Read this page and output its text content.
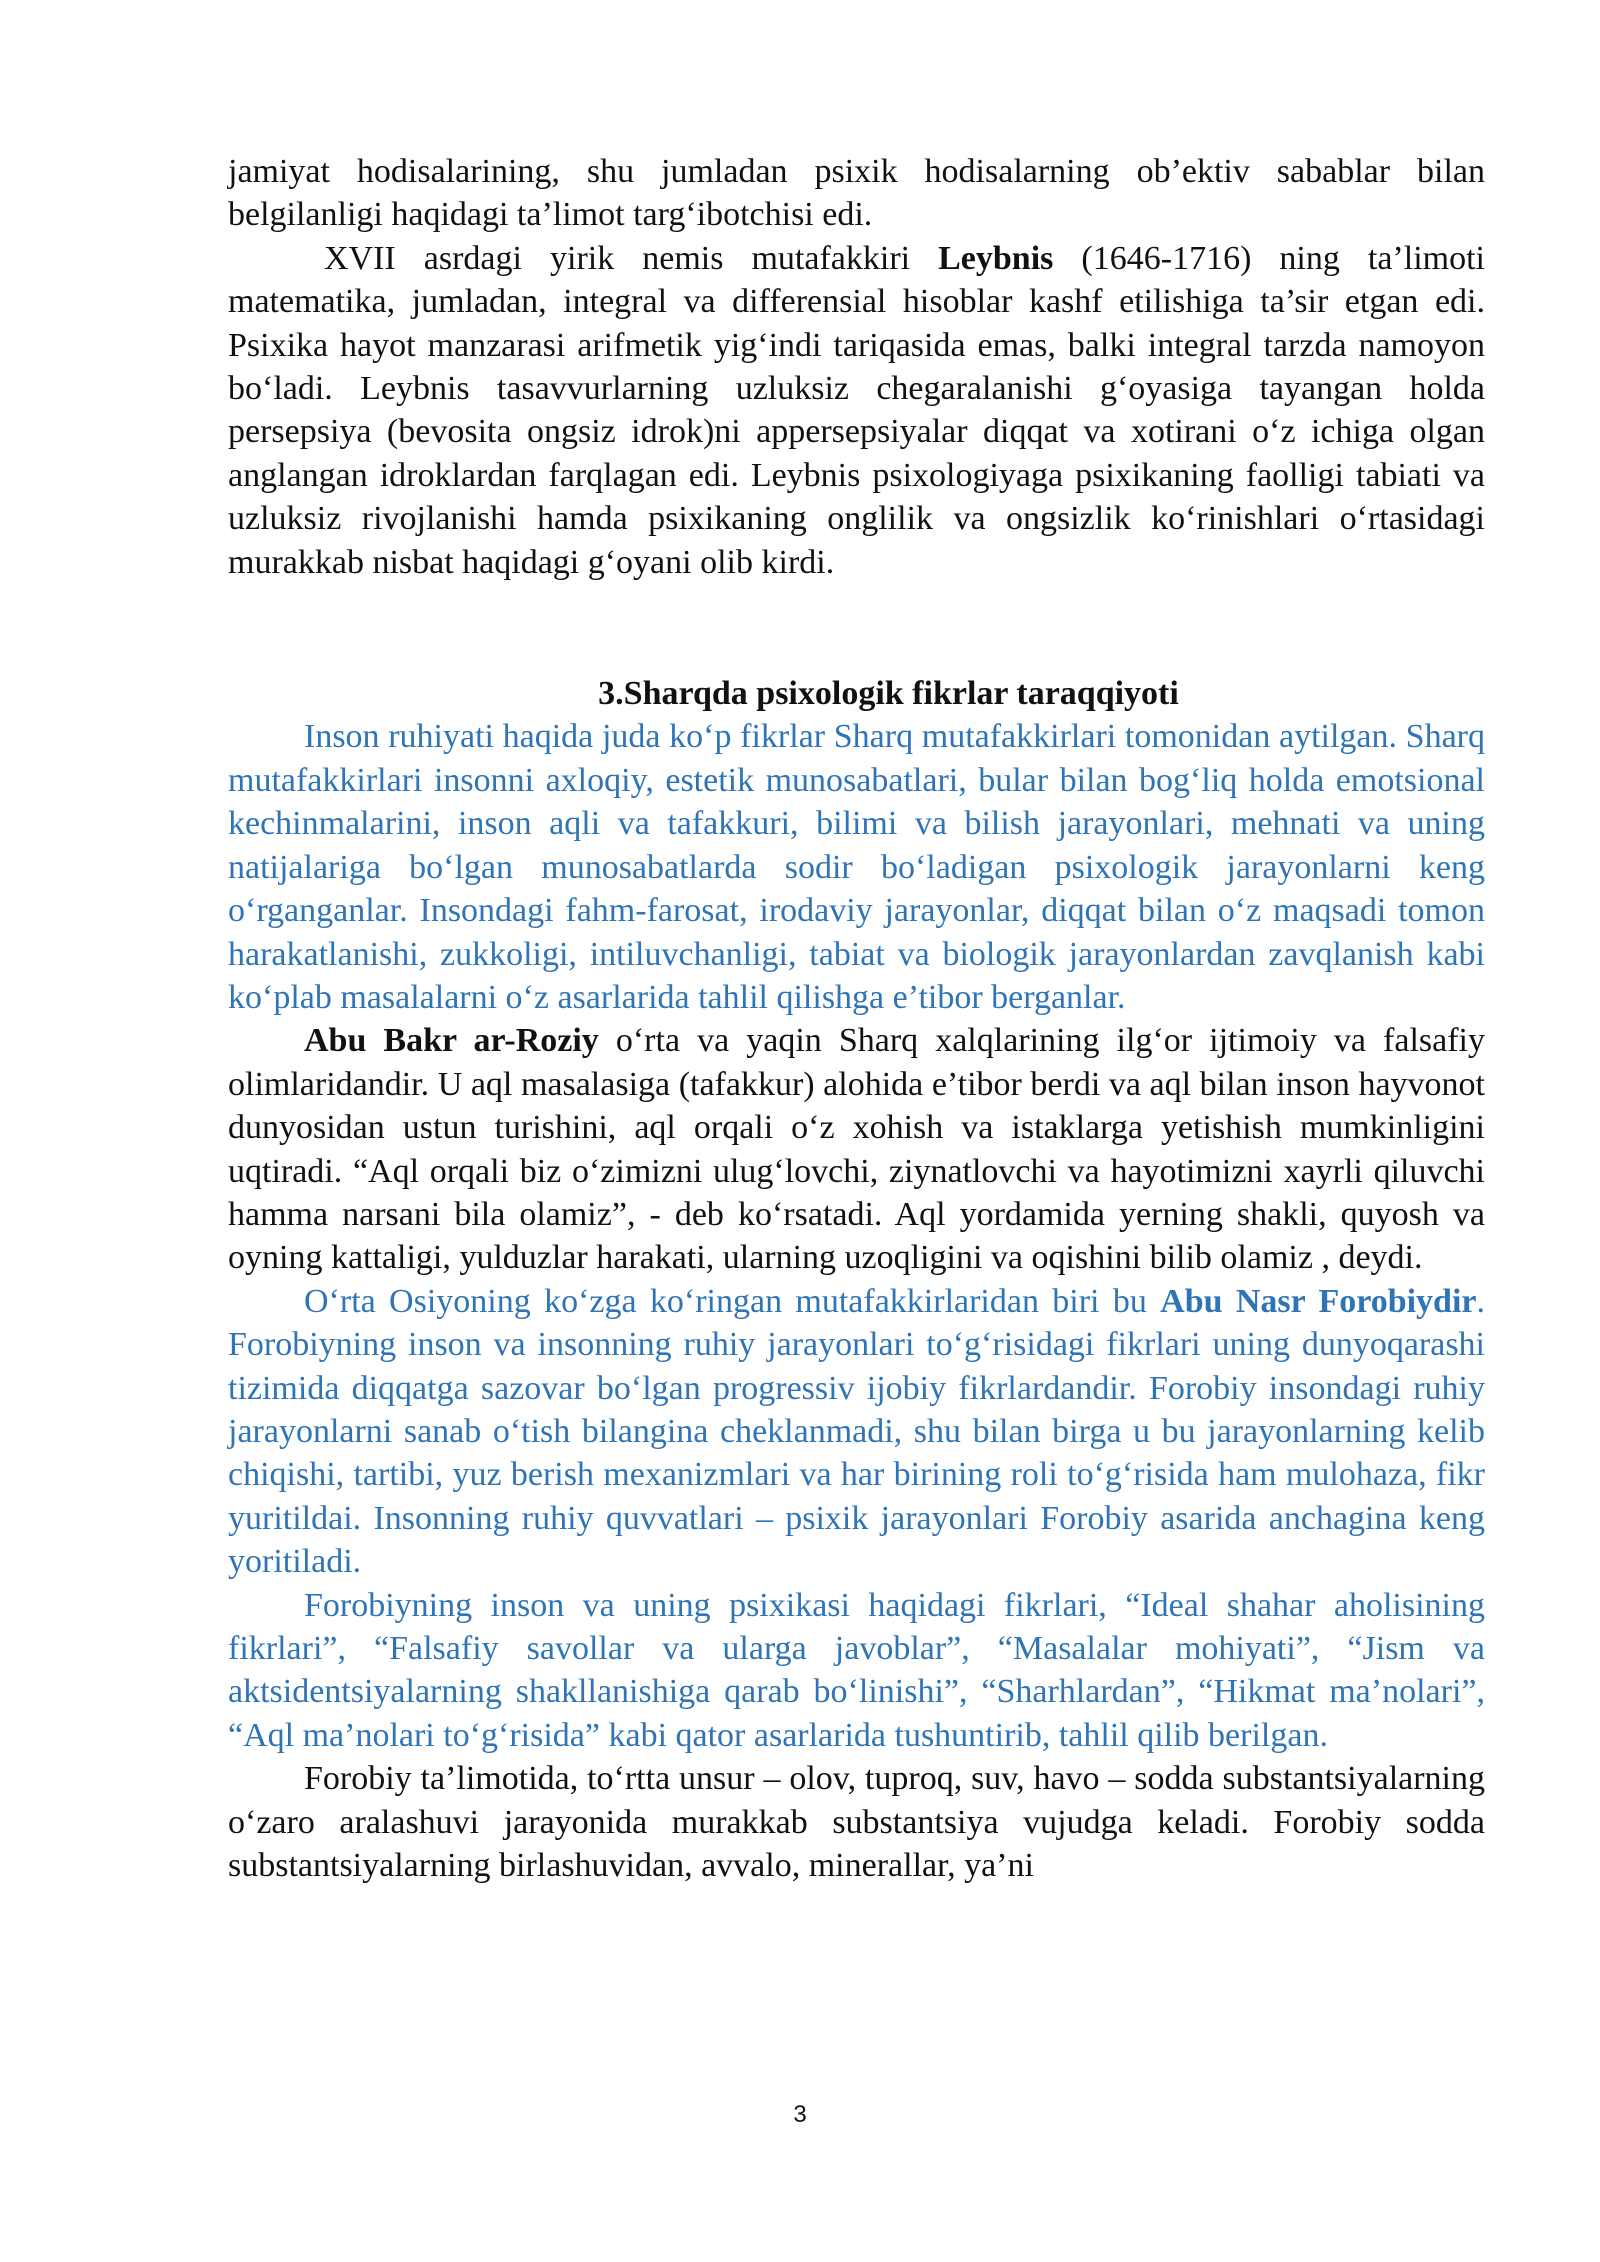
jamiyat hodisalarining, shu jumladan psixik hodisalarning ob’ektiv sabablar bilan belgilanligi haqidagi ta’limot targ‘ibotchisi edi.

XVII asrdagi yirik nemis mutafakkiri Leybnis (1646-1716) ning ta’limoti matematika, jumladan, integral va differensial hisoblar kashf etilishiga ta’sir etgan edi. Psixika hayot manzarasi arifmetik yig‘indi tariqasida emas, balki integral tarzda namoyon bo‘ladi. Leybnis tasavvurlarning uzluksiz chegaralanishi g‘oyasiga tayangan holda persepsiya (bevosita ongsiz idrok)ni appersepsiyalar diqqat va xotirani o‘z ichiga olgan anglangan idroklardan farqlagan edi. Leybnis psixologiyaga psixikaning faolligi tabiati va uzluksiz rivojlanishi hamda psixikaning onglilik va ongsizlik ko‘rinishlari o‘rtasidagi murakkab nisbat haqidagi g‘oyani olib kirdi.

3.Sharqda psixologik fikrlar taraqqiyoti

Inson ruhiyati haqida juda ko‘p fikrlar Sharq mutafakkirlari tomonidan aytilgan. Sharq mutafakkirlari insonni axloqiy, estetik munosabatlari, bular bilan bog‘liq holda emotsional kechinmalarini, inson aqli va tafakkuri, bilimi va bilish jarayonlari, mehnati va uning natijalariga bo‘lgan munosabatlarda sodir bo‘ladigan psixologik jarayonlarni keng o‘rganganlar. Insondagi fahm-farosat, irodaviy jarayonlar, diqqat bilan o‘z maqsadi tomon harakatlanishi, zukkoligi, intiluvchanligi, tabiat va biologik jarayonlardan zavqlanish kabi ko‘plab masalalarni o‘z asarlarida tahlil qilishga e’tibor berganlar.

Abu Bakr ar-Roziy o‘rta va yaqin Sharq xalqlarining ilg‘or ijtimoiy va falsafiy olimlaridandir. U aql masalasiga (tafakkur) alohida e’tibor berdi va aql bilan inson hayvonot dunyosidan ustun turishini, aql orqali o‘z xohish va istaklarga yetishish mumkinligini uqtiradi. “Aql orqali biz o‘zimizni ulug‘lovchi, ziynatlovchi va hayotimizni xayrli qiluvchi hamma narsani bila olamiz”, - deb ko‘rsatadi. Aql yordamida yerning shakli, quyosh va oyning kattaligi, yulduzlar harakati, ularning uzoqligini va oqishini bilib olamiz , deydi.

O‘rta Osiyoning ko‘zga ko‘ringan mutafakkirlaridan biri bu Abu Nasr Forobiydir. Forobiyning inson va insonning ruhiy jarayonlari to‘g‘risidagi fikrlari uning dunyoqarashi tizimida diqqatga sazovar bo‘lgan progressiv ijobiy fikrlardandir. Forobiy insondagi ruhiy jarayonlarni sanab o‘tish bilangina cheklanmadi, shu bilan birga u bu jarayonlarning kelib chiqishi, tartibi, yuz berish mexanizmlari va har birining roli to‘g‘risida ham mulohaza, fikr yuritildai. Insonning ruhiy quvvatlari – psixik jarayonlari Forobiy asarida anchagina keng yoritiladi.

Forobiyning inson va uning psixikasi haqidagi fikrlari, “Ideal shahar aholisining fikrlari”, “Falsafiy savollar va ularga javoblar”, “Masalalar mohiyati”, “Jism va aktsidentsiyalarning shakllanishiga qarab bo‘linishi”, “Sharhlardan”, “Hikmat ma’nolari”, “Aql ma’nolari to‘g‘risida” kabi qator asarlarida tushuntirib, tahlil qilib berilgan.

Forobiy ta’limotida, to‘rtta unsur – olov, tuproq, suv, havo – sodda substantsiyalarning o‘zaro aralashuvi jarayonida murakkab substantsiya vujudga keladi. Forobiy sodda substantsiyalarning birlashuvidan, avvalo, minerallar, ya’ni

3
